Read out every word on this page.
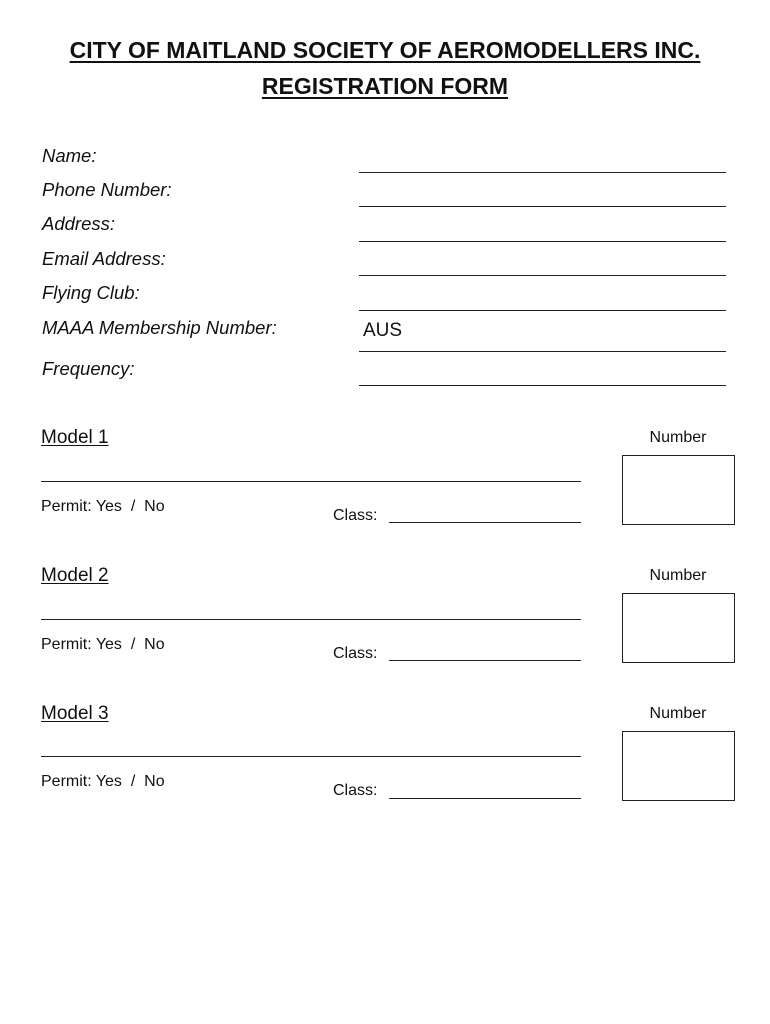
CITY OF MAITLAND SOCIETY OF AEROMODELLERS INC.
REGISTRATION FORM
Name:
Phone Number:
Address:
Email Address:
Flying Club:
MAAA Membership Number:	AUS
Frequency:
Model 1	Number
Permit: Yes  /  No
Class:
Model 2	Number
Permit: Yes  /  No
Class:
Model 3	Number
Permit: Yes  /  No
Class:
